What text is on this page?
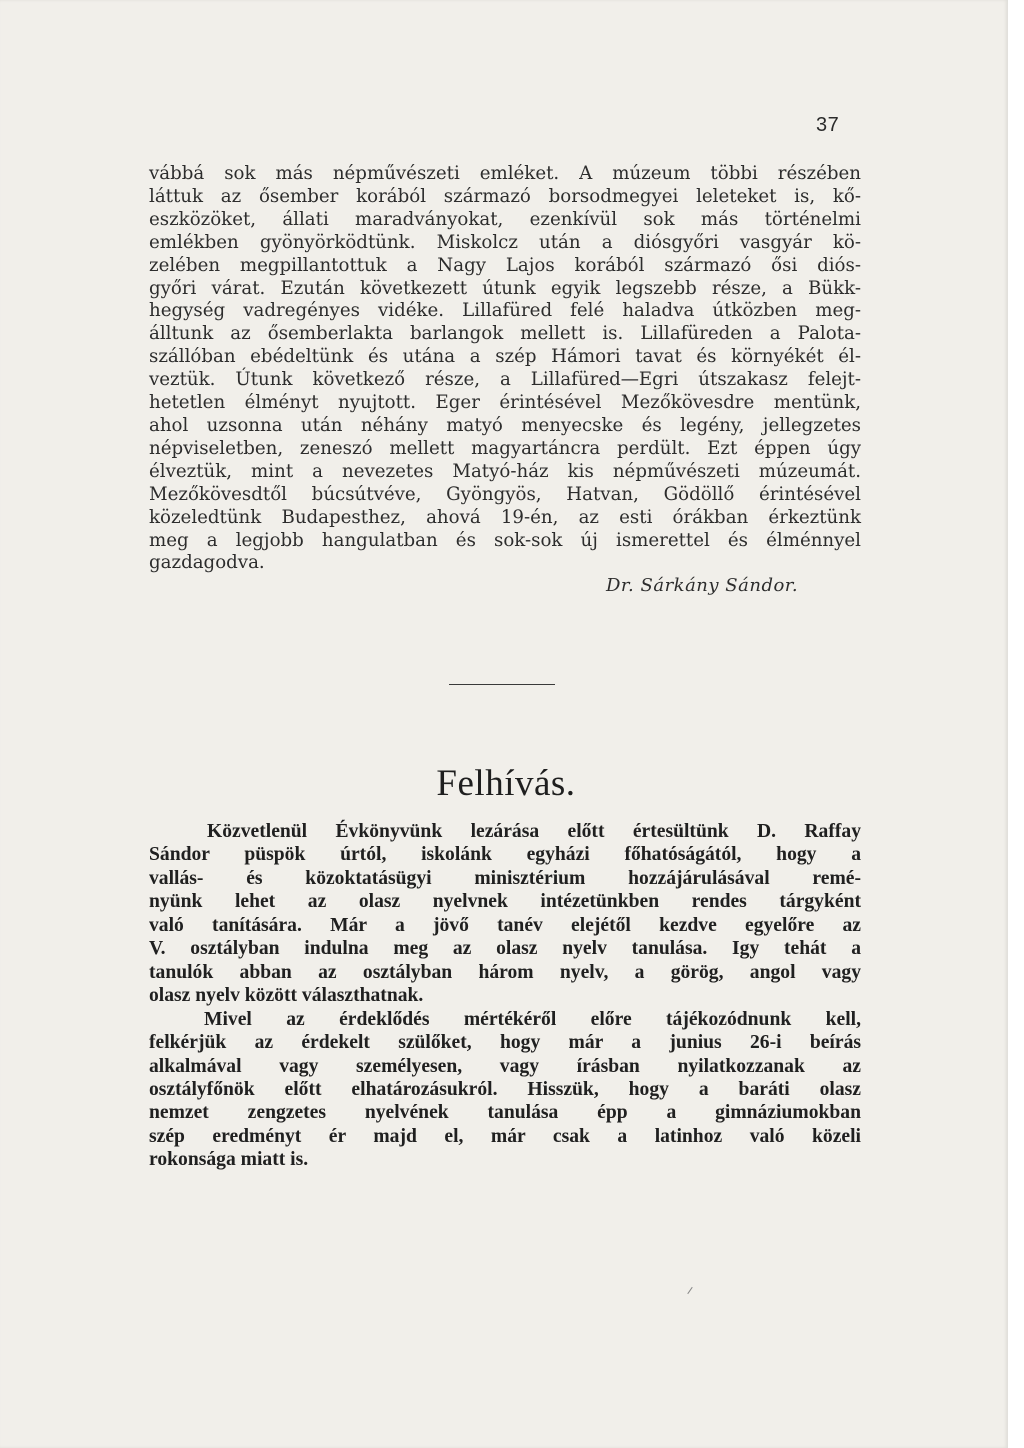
37
vábbá sok más népművészeti emléket. A múzeum többi részében
láttuk az ősember korából származó borsodmegyei leleteket is, kő-
eszközöket, állati maradványokat, ezenkívül sok más történelmi
emlékben gyönyörködtünk. Miskolcz után a diósgyőri vasgyár kö-
zelében megpillantottuk a Nagy Lajos korából származó ősi diós-
győri várat. Ezután következett útunk egyik legszebb része, a Bükk-
hegység vadregényes vidéke. Lillafüred felé haladva útközben meg-
álltunk az ősemberlakta barlangok mellett is. Lillafüreden a Palota-
szállóban ebédeltünk és utána a szép Hámori tavat és környékét él-
veztük. Útunk következő része, a Lillafüred—Egri útszakasz felejt-
hetetlen élményt nyujtott. Eger érintésével Mezőkövesdre mentünk,
ahol uzsonna után néhány matyó menyecske és legény, jellegzetes
népviseletben, zeneszó mellett magyartáncra perdült. Ezt éppen úgy
élveztük, mint a nevezetes Matyó-ház kis népművészeti múzeumát.
Mezőkövesdtől búcsútvéve, Gyöngyös, Hatvan, Gödöllő érintésével
közeledtünk Budapesthez, ahová 19-én, az esti órákban érkeztünk
meg a legjobb hangulatban és sok-sok új ismerettel és élménnyel
gazdagodva.
Dr. Sárkány Sándor.
Felhívás.
Közvetlenül Évkönyvünk lezárása előtt értesültünk D. Raffay
Sándor püspök úrtól, iskolánk egyházi főhatóságától, hogy a
vallás- és közoktatásügyi minisztérium hozzájárulásával remé-
nyünk lehet az olasz nyelvnek intézetünkben rendes tárgyként
való tanítására. Már a jövő tanév elejétől kezdve egyelőre az
V. osztályban indulna meg az olasz nyelv tanulása. Igy tehát a
tanulók abban az osztályban három nyelv, a görög, angol vagy
olasz nyelv között választhatnak.
Mivel az érdeklődés mértékéről előre tájékozódnunk kell,
felkérjük az érdekelt szülőket, hogy már a junius 26-i beírás
alkalmával vagy személyesen, vagy írásban nyilatkozzanak az
osztályfőnök előtt elhatározásukról. Hisszük, hogy a baráti olasz
nemzet zengzetes nyelvének tanulása épp a gimnáziumokban
szép eredményt ér majd el, már csak a latinhoz való közeli
rokonsága miatt is.
